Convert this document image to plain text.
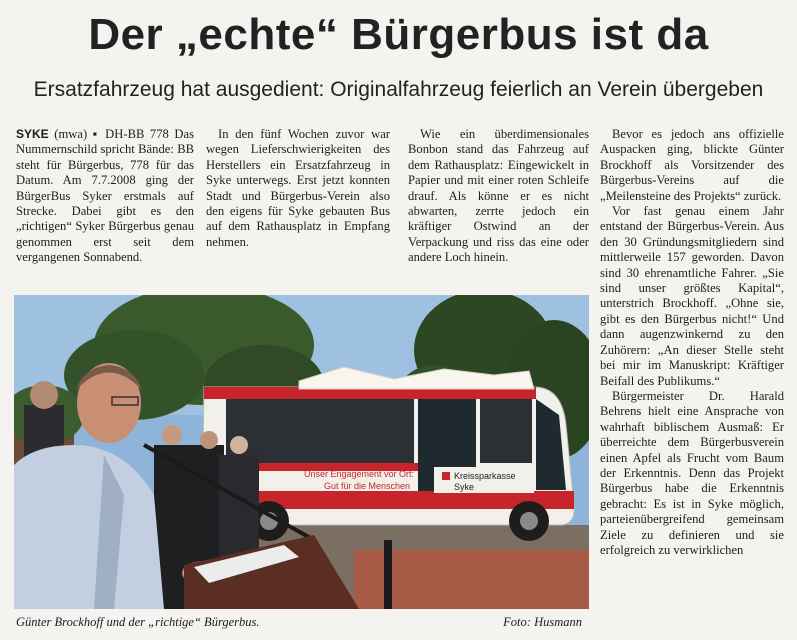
Der „echte“ Bürgerbus ist da
Ersatzfahrzeug hat ausgedient: Originalfahrzeug feierlich an Verein übergeben

SYKE (mwa) ▪ DH-BB 778 Das Nummernschild spricht Bände: BB steht für Bürgerbus, 778 für das Datum. Am 7.7.2008 ging der BürgerBus Syker erstmals auf Strecke. Dabei gibt es den „richtigen“ Syker Bürgerbus genau genommen erst seit dem vergangenen Sonnabend.

In den fünf Wochen zuvor war wegen Lieferschwierigkeiten des Herstellers ein Ersatzfahrzeug in Syke unterwegs. Erst jetzt konnten Stadt und Bürgerbus-Verein also den eigens für Syke gebauten Bus auf dem Rathausplatz in Empfang nehmen.

Wie ein überdimensionales Bonbon stand das Fahrzeug auf dem Rathausplatz: Eingewickelt in Papier und mit einer roten Schleife drauf. Als könne er es nicht abwarten, zerrte jedoch ein kräftiger Ostwind an der Verpackung und riss das eine oder andere Loch hinein.

Bevor es jedoch ans offizielle Auspacken ging, blickte Günter Brockhoff als Vorsitzender des Bürgerbus-Vereins auf die „Meilensteine des Projekts“ zurück.

Vor fast genau einem Jahr entstand der Bürgerbus-Verein. Aus den 30 Gründungsmitgliedern sind mittlerweile 157 geworden. Davon sind 30 ehrenamtliche Fahrer. „Sie sind unser größtes Kapital“, unterstrich Brockhoff. „Ohne sie, gibt es den Bürgerbus nicht!“ Und dann augenzwinkernd zu den Zuhörern: „An dieser Stelle steht bei mir im Manuskript: Kräftiger Beifall des Publikums.“

Bürgermeister Dr. Harald Behrens hielt eine Ansprache von wahrhaft biblischem Ausmaß: Er überreichte dem Bürgerbusverein einen Apfel als Frucht vom Baum der Erkenntnis. Denn das Projekt Bürgerbus habe die Erkenntnis gebracht: Es ist in Syke möglich, parteienübergreifend gemeinsam Ziele zu definieren und sie erfolgreich zu verwirklichen

Unser Engagement vor Ort:
Gut für die Menschen
Kreissparkasse
Syke
Günter Brockhoff und der „richtige“ Bürgerbus.	Foto: Husmann
